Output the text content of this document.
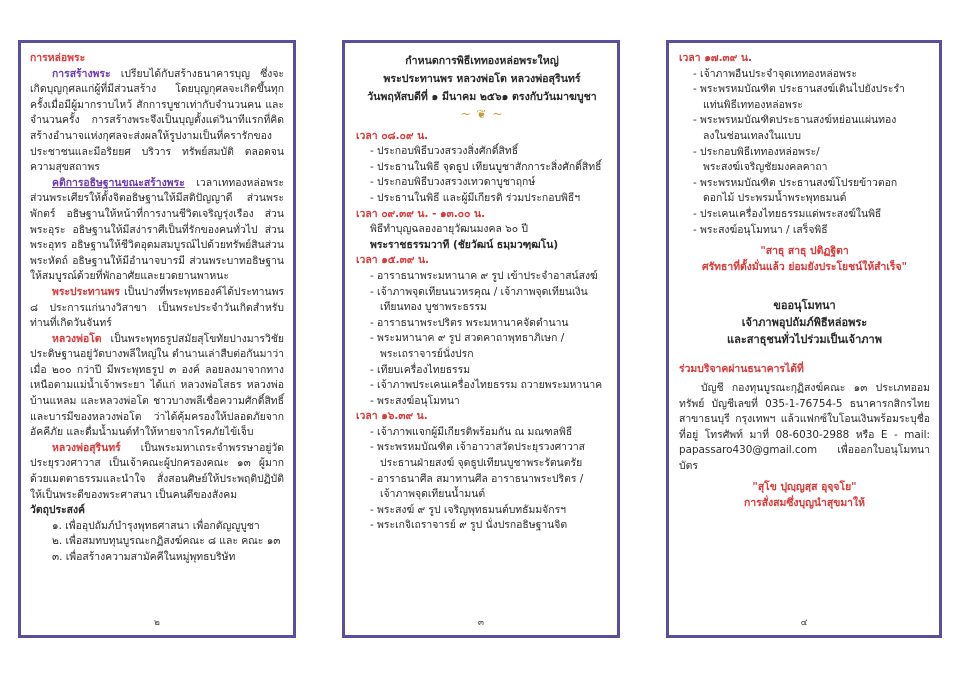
การหล่อพระ

การสร้างพระ เปรียบได้กับสร้างธนาคารบุญ ซึ่งจะเกิดบุญกุศลแก่ผู้ที่มีส่วนสร้าง โดยบุญกุศลจะเกิดขึ้นทุกครั้งเมื่อมีผู้มากราบไหว้ สักการบูชาเท่ากับจำนวนคน และจำนวนครั้ง การสร้างพระจึงเป็นบุญตั้งแต่วินาทีแรกที่คิดสร้างอำนาจแห่งกุศลจะส่งผลให้รูปงามเป็นที่ครารักของประชาชนและมีอริยยศ บริวาร ทรัพย์สมบัติ ตลอดจนความสุขสถาพร

คติการอธิษฐานขณะสร้างพระ เวลาเททองหล่อพระส่วนพระเศียรให้ตั้งจิตอธิษฐานให้มีสติปัญญาดี ส่วนพระพักตร์ อธิษฐานให้หน้าที่การงานชีวิตเจริญรุ่งเรือง ส่วนพระอุระ อธิษฐานให้มีสง่าราศีเป็นที่รักของคนทั่วไป ส่วนพระอุทร อธิษฐานให้ชีวิตอุดมสมบูรณ์ไปด้วยทรัพย์สินส่วนพระหัตถ์ อธิษฐานให้มีอำนาจบารมี ส่วนพระบาทอธิษฐานให้สมบูรณ์ด้วยที่พักอาศัยและยวดยานพาหนะ

พระประทานพร เป็นปางที่พระพุทธองค์ได้ประทานพร ๘ ประการแก่นางวิสาขา เป็นพระประจำวันเกิดสำหรับท่านที่เกิดวันจันทร์

หลวงพ่อโต เป็นพระพุทธรูปสมัยสุโขทัยปางมารวิชัยประดิษฐานอยู่วัดบางพลีใหญ่ใน ตำนานเล่าสืบต่อกันมาว่าเมื่อ ๒๐๐ กว่าปี มีพระพุทธรูป ๓ องค์ ลอยลงมาจากทางเหนือตามแม่น้ำเจ้าพระยา ได้แก่ หลวงพ่อโสธร หลวงพ่อบ้านแหลม และหลวงพ่อโต ชาวบางพลีเชื่อความศักดิ์สิทธิ์และบารมีของหลวงพ่อโต ว่าได้คุ้มครองให้ปลอดภัยจากอัคคีภัย และดื่มน้ำมนต์ทำให้หายจากโรคภัยไข้เจ็บ

หลวงพ่อสุรินทร์ เป็นพระมหาเถระจำพรรษาอยู่วัดประยุรวงศาวาส เป็นเจ้าคณะผู้ปกครองคณะ ๑๓ ผู้มากด้วยเมตตาธรรมและนำใจ สั่งสอนศิษย์ให้ประพฤติปฏิบัติ ให้เป็นพระดีของพระศาสนา เป็นคนดีของสังคม

วัตถุประสงค์

๑. เพื่ออุปถัมภ์บำรุงพุทธศาสนา เพื่อกตัญญูบูชา

๒. เพื่อสมทบทุนบูรณะกฏิสงฆ์คณะ ๘ และ คณะ ๑๓

๓. เพื่อสร้างความสามัคคีในหมู่พุทธบริษัท

๒

กำหนดการพิธีเททองหล่อพระใหญ่

พระประทานพร หลวงพ่อโต หลวงพ่อสุรินทร์

วันพฤหัสบดีที่ ๑ มีนาคม ๒๕๖๑ ตรงกับวันมาฆบูชา

~ ❦ ~

เวลา ๐๘.๐๙ น.

- ประกอบพิธีบวงสรวงสิ่งศักดิ์สิทธิ์

- ประธานในพิธี จุดธูป เทียนบูชาสักการะสิ่งศักดิ์สิทธิ์

- ประกอบพิธีบวงสรวงเทวดาบูชาฤกษ์

- ประธานในพิธี และผู้มีเกียรติ ร่วมประกอบพิธีฯ

เวลา ๐๙.๓๙ น. - ๑๓.๐๐ น.

พิธีทำบุญฉลองอายุวัฒนมงคล ๖๐ ปี

พระราชธรรมวาที (ชัยวัฒน์ ธมฺมวฑฺฒโน)

เวลา ๑๕.๓๙ น.

- อาราธนาพระมหานาค ๙ รูป เข้าประจำอาสน์สงฆ์

- เจ้าภาพจุดเทียนนวหรคุณ / เจ้าภาพจุดเทียนเงิน

เทียนทอง บูชาพระธรรม

- อาราธนาพระปริตร พระมหานาคจัดตำนาน

- พระมหานาค ๙ รูป สวดคาถาพุทธาภิเษก /

พระเถราจารย์นั่งปรก

- เทียบเครื่องไทยธรรม

- เจ้าภาพประเคนเครื่องไทยธรรม ถวายพระมหานาค

- พระสงฆ์อนุโมทนา

เวลา ๑๖.๓๙ น.

- เจ้าภาพแจกผู้มีเกียรติพร้อมกัน ณ มณฑลพิธี

- พระพรหมบัณฑิต เจ้าอาวาสวัดประยุรวงศาวาส

ประธานฝ่ายสงฆ์ จุดธูปเทียนบูชาพระรัตนตรัย

- อาราธนาศีล สมาทานศีล อาราธนาพระปริตร /

เจ้าภาพจุดเทียนน้ำมนต์

- พระสงฆ์ ๙ รูป เจริญพุทธมนต์บทธัมมจักรฯ

- พระเกจิเถราจารย์ ๙ รูป นั่งปรกอธิษฐานจิต

๓

เวลา ๑๗.๓๙ น.

- เจ้าภาพอืนประจำจุดเททองหล่อพระ

- พระพรหมบัณฑิต ประธานสงฆ์เดินไปยังประรำ

แท่นพิธีเททองหล่อพระ

- พระพรหมบัณฑิตประธานสงฆ์หย่อนแผ่นทอง

ลงในช่อนเทลงในแบบ

- ประกอบพิธีเททองหล่อพระ/

พระสงฆ์เจริญชัยมงคลคาถา

- พระพรหมบัณฑิต ประธานสงฆ์โปรยข้าวตอก

ดอกไม้ ประพรมน้ำพระพุทธมนต์

- ประเคนเครื่องไทยธรรมแด่พระสงฆ์ในพิธี

- พระสงฆ์อนุโมทนา / เสร็จพิธี

"สาธุ สาธุ ปติฏฐิตา

ศรัทธาที่ตั้งมั่นแล้ว ย่อมยังประโยชน์ให้สำเร็จ"

ขออนุโมทนา

เจ้าภาพอุปถัมภ์พิธีหล่อพระ

และสาธุชนทั่วไปร่วมเป็นเจ้าภาพ

ร่วมบริจาคผ่านธนาคารได้ที่

บัญชี กองทุนบูรณะกุฏิสงฆ์คณะ ๑๓ ประเภทออมทรัพย์ บัญชีเลขที่ 035-1-76754-5 ธนาคารกสิกรไทย สาขาธนบุรี กรุงเทพฯ แล้วแฟกซ์ใบโอนเงินพร้อมระบุชื่อ ที่อยู่ โทรศัพท์ มาที่ 08-6030-2988 หรือ E - mail: papassaro430@gmail.com เพื่อออกใบอนุโมทนาบัตร

"สุโข ปุญฺญสฺส อุจฺจโย"

การสั่งสมซึ่งบุญนำสุขมาให้

๔
